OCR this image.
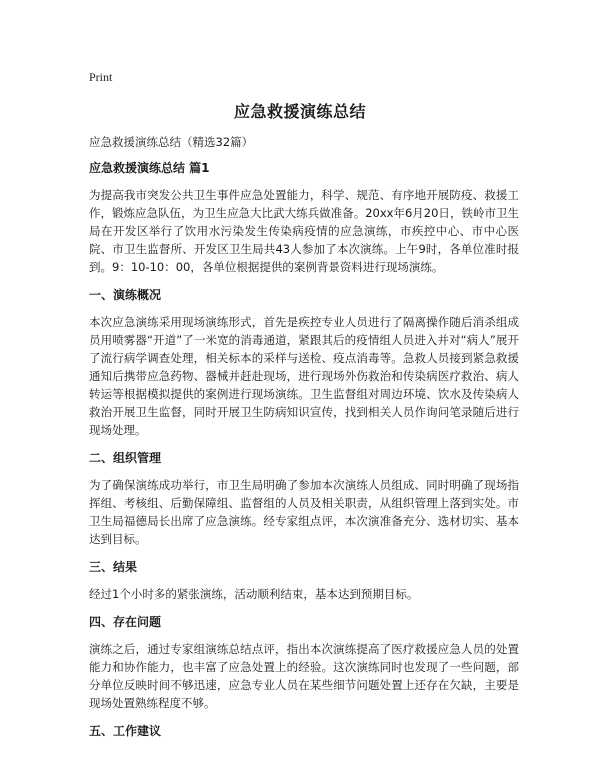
Print
应急救援演练总结

应急救援演练总结（精选32篇）

应急救援演练总结 篇1

为提高我市突发公共卫生事件应急处置能力，科学、规范、有序地开展防疫、救援工作，锻炼应急队伍，为卫生应急大比武大练兵做准备。20xx年6月20日，铁岭市卫生局在开发区举行了饮用水污染发生传染病疫情的应急演练，市疾控中心、市中心医院、市卫生监督所、开发区卫生局共43人参加了本次演练。上午9时，各单位准时报到。9：10-10：00，各单位根据提供的案例背景资料进行现场演练。

一、演练概况

本次应急演练采用现场演练形式，首先是疾控专业人员进行了隔离操作随后消杀组成员用喷雾器“开道”了一米宽的消毒通道，紧跟其后的疫情组人员进入并对“病人”展开了流行病学调查处理，相关标本的采样与送检、疫点消毒等。急救人员接到紧急救援通知后携带应急药物、器械并赶赴现场，进行现场外伤救治和传染病医疗救治、病人转运等根据模拟提供的案例进行现场演练。卫生监督组对周边环境、饮水及传染病人救治开展卫生监督，同时开展卫生防病知识宣传，找到相关人员作询问笔录随后进行现场处理。

二、组织管理

为了确保演练成功举行，市卫生局明确了参加本次演练人员组成、同时明确了现场指挥组、考核组、后勤保障组、监督组的人员及相关职责，从组织管理上落到实处。市卫生局福德局长出席了应急演练。经专家组点评，本次演准备充分、选材切实、基本达到目标。

三、结果

经过1个小时多的紧张演练，活动顺利结束，基本达到预期目标。

四、存在问题

演练之后，通过专家组演练总结点评，指出本次演练提高了医疗救援应急人员的处置能力和协作能力，也丰富了应急处置上的经验。这次演练同时也发现了一些问题，部分单位反映时间不够迅速，应急专业人员在某些细节问题处置上还存在欠缺，主要是现场处置熟练程度不够。

五、工作建议
